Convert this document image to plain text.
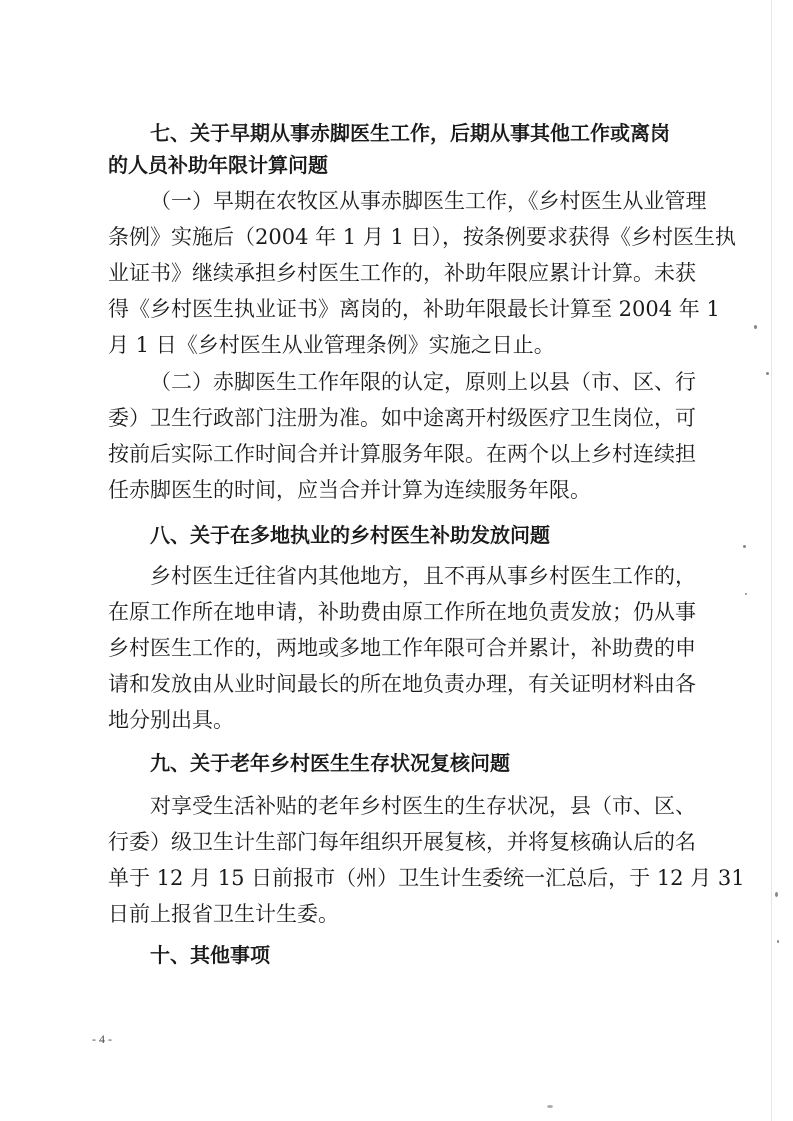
七、关于早期从事赤脚医生工作，后期从事其他工作或离岗
的人员补助年限计算问题
（一）早期在农牧区从事赤脚医生工作，《乡村医生从业管理
条例》实施后（2004 年 1 月 1 日），按条例要求获得《乡村医生执
业证书》继续承担乡村医生工作的，补助年限应累计计算。未获
得《乡村医生执业证书》离岗的，补助年限最长计算至 2004 年 1
月 1 日《乡村医生从业管理条例》实施之日止。
（二）赤脚医生工作年限的认定，原则上以县（市、区、行
委）卫生行政部门注册为准。如中途离开村级医疗卫生岗位，可
按前后实际工作时间合并计算服务年限。在两个以上乡村连续担
任赤脚医生的时间，应当合并计算为连续服务年限。
八、关于在多地执业的乡村医生补助发放问题
乡村医生迁往省内其他地方，且不再从事乡村医生工作的，
在原工作所在地申请，补助费由原工作所在地负责发放；仍从事
乡村医生工作的，两地或多地工作年限可合并累计，补助费的申
请和发放由从业时间最长的所在地负责办理，有关证明材料由各
地分别出具。
九、关于老年乡村医生生存状况复核问题
对享受生活补贴的老年乡村医生的生存状况，县（市、区、
行委）级卫生计生部门每年组织开展复核，并将复核确认后的名
单于 12 月 15 日前报市（州）卫生计生委统一汇总后，于 12 月 31
日前上报省卫生计生委。
十、其他事项
- 4 -
